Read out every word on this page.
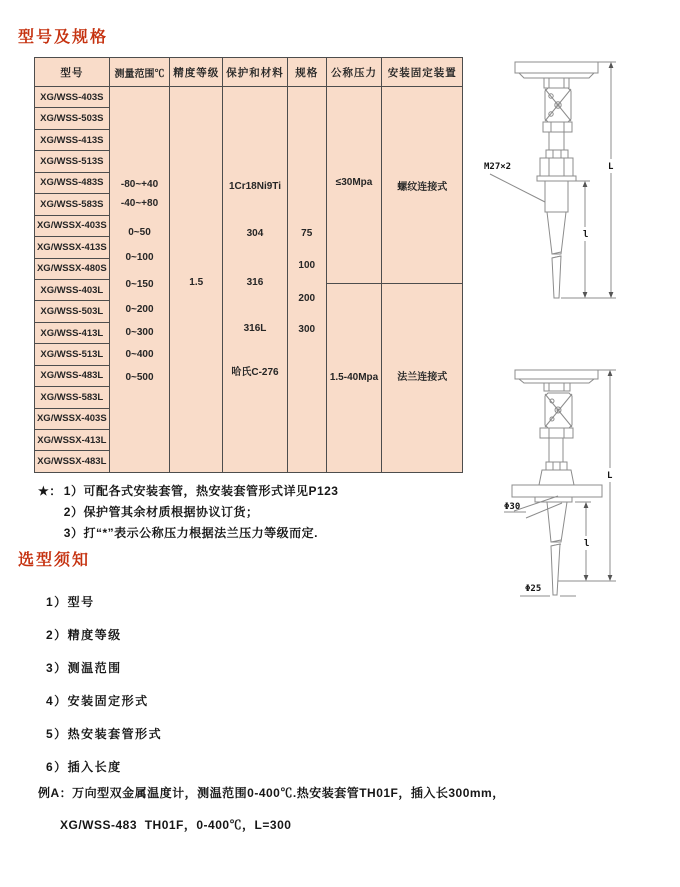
型号及规格
型号
XG/WSS-403S
XG/WSS-503S
XG/WSS-413S
XG/WSS-513S
XG/WSS-483S
XG/WSS-583S
XG/WSSX-403S
XG/WSSX-413S
XG/WSSX-480S
XG/WSS-403L
XG/WSS-503L
XG/WSS-413L
XG/WSS-513L
XG/WSS-483L
XG/WSS-583L
XG/WSSX-403S
XG/WSSX-413L
XG/WSSX-483L
测量范围℃
-80~+40
-40~+80
0~50
0~100
0~150
0~200
0~300
0~400
0~500
精度等级
1.5
保护和材料
1Cr18Ni9Ti
304
316
316L
哈氏C-276
规格
75
100
200
300
公称压力
≤30Mpa
1.5-40Mpa
安装固定装置
螺纹连接式
法兰连接式
★： 1）可配各式安装套管，热安装套管形式详见P123
2）保护管其余材质根据协议订货；
3）打“*”表示公称压力根据法兰压力等级而定.
选型须知
1）型号
2）精度等级
3）测温范围
4）安装固定形式
5）热安装套管形式
6）插入长度
例A：万向型双金属温度计，测温范围0-400℃.热安装套管TH01F，插入长300mm，
XG/WSS-483  TH01F，0-400℃，L=300
L
l
M27×2
L
l
Φ30
Φ25
